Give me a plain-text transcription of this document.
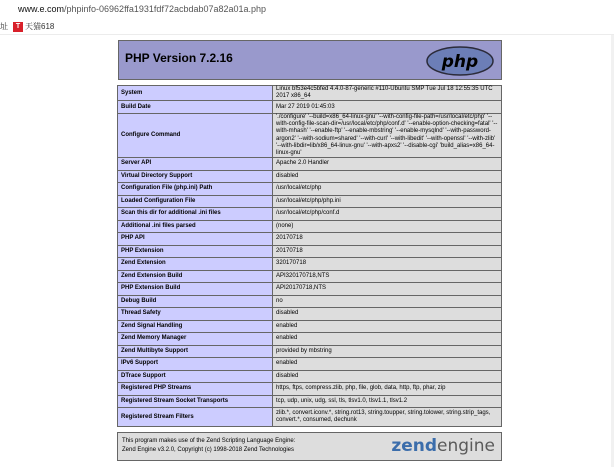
www.e.com/phpinfo-06962ffa1931fdf72acbdab07a82a01a.php
址	T 天猫618
PHP Version 7.2.16	php
System	Linux bf53e4c5bfed 4.4.0-87-generic #110-Ubuntu SMP Tue Jul 18 12:55:35 UTC 2017 x86_64
Build Date	Mar 27 2019 01:45:03
Configure Command	'./configure' '--build=x86_64-linux-gnu' '--with-config-file-path=/usr/local/etc/php' '--with-config-file-scan-dir=/usr/local/etc/php/conf.d' '--enable-option-checking=fatal' '--with-mhash' '--enable-ftp' '--enable-mbstring' '--enable-mysqlnd' '--with-password-argon2' '--with-sodium=shared' '--with-curl' '--with-libedit' '--with-openssl' '--with-zlib' '--with-libdir=lib/x86_64-linux-gnu' '--with-apxs2' '--disable-cgi' 'build_alias=x86_64-linux-gnu'
Server API	Apache 2.0 Handler
Virtual Directory Support	disabled
Configuration File (php.ini) Path	/usr/local/etc/php
Loaded Configuration File	/usr/local/etc/php/php.ini
Scan this dir for additional .ini files	/usr/local/etc/php/conf.d
Additional .ini files parsed	(none)
PHP API	20170718
PHP Extension	20170718
Zend Extension	320170718
Zend Extension Build	API320170718,NTS
PHP Extension Build	API20170718,NTS
Debug Build	no
Thread Safety	disabled
Zend Signal Handling	enabled
Zend Memory Manager	enabled
Zend Multibyte Support	provided by mbstring
IPv6 Support	enabled
DTrace Support	disabled
Registered PHP Streams	https, ftps, compress.zlib, php, file, glob, data, http, ftp, phar, zip
Registered Stream Socket Transports	tcp, udp, unix, udg, ssl, tls, tlsv1.0, tlsv1.1, tlsv1.2
Registered Stream Filters	zlib.*, convert.iconv.*, string.rot13, string.toupper, string.tolower, string.strip_tags, convert.*, consumed, dechunk
This program makes use of the Zend Scripting Language Engine:
Zend Engine v3.2.0, Copyright (c) 1998-2018 Zend Technologies	zendengine
